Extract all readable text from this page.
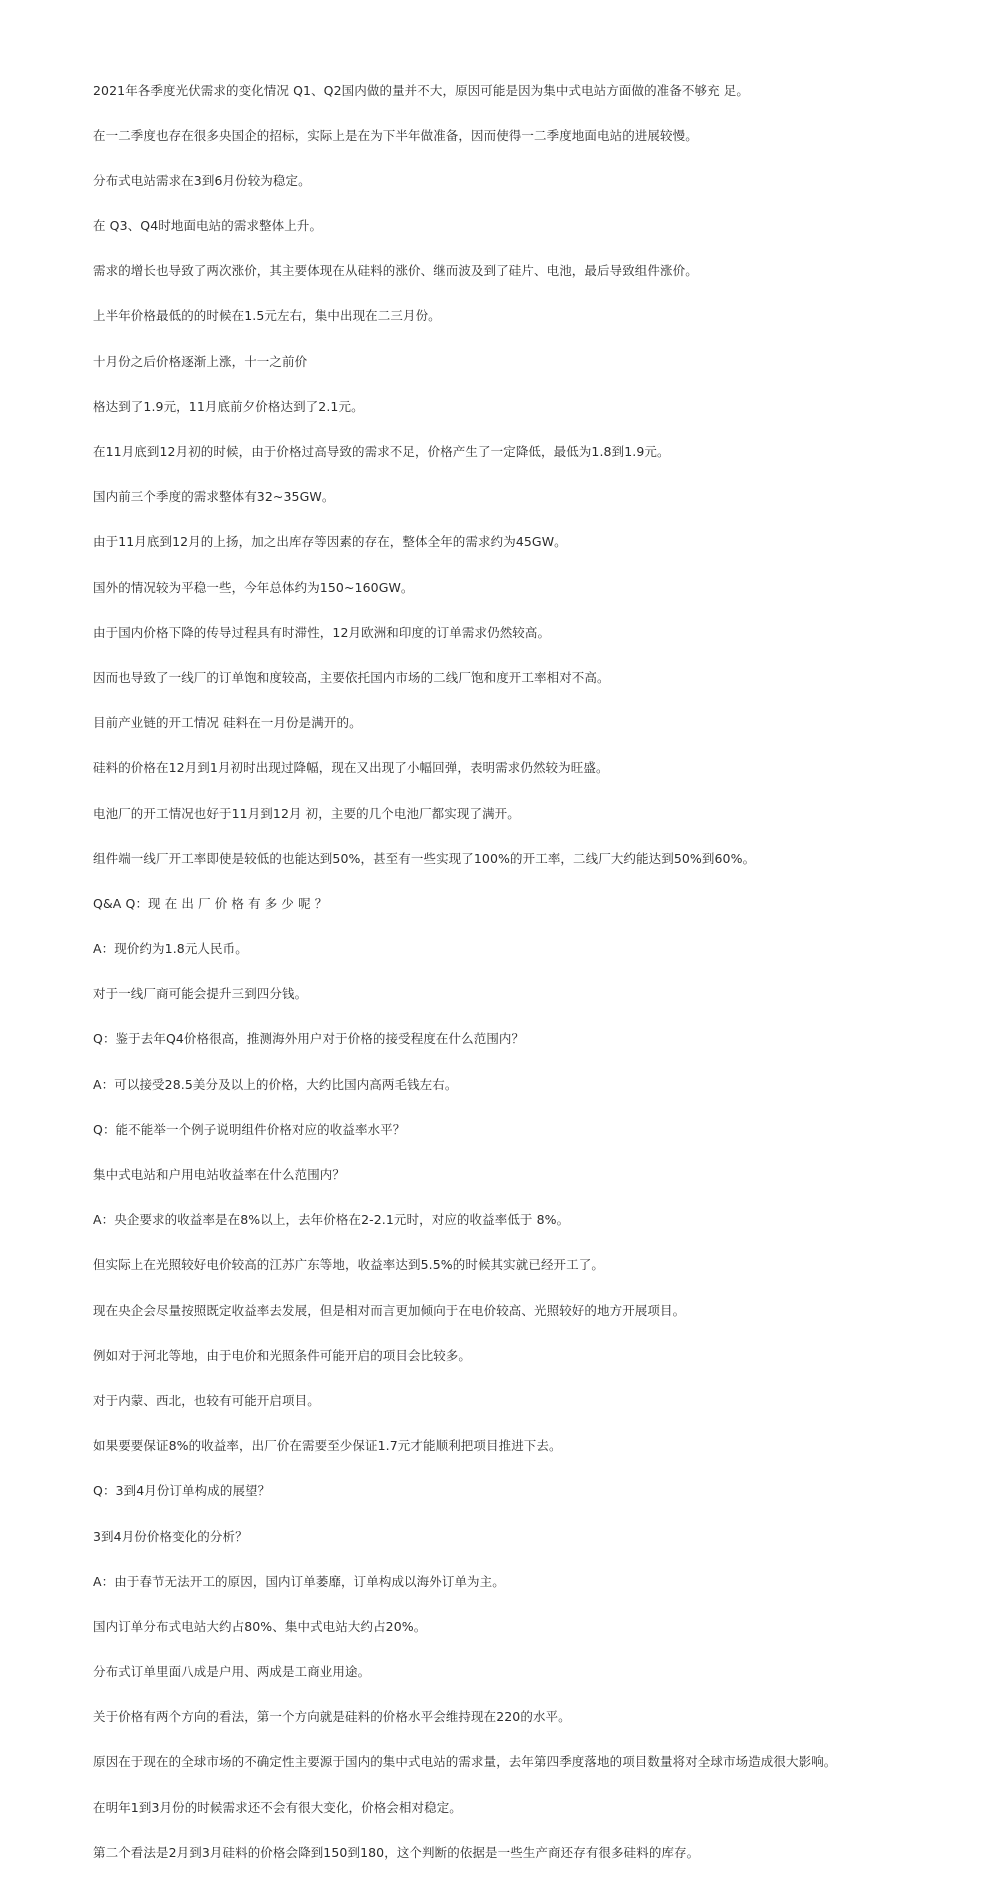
2021年各季度光伏需求的变化情况 Q1、Q2国内做的量并不大，原因可能是因为集中式电站方面做的准备不够充 足。

在一二季度也存在很多央国企的招标，实际上是在为下半年做准备，因而使得一二季度地面电站的进展较慢。

分布式电站需求在3到6月份较为稳定。

在 Q3、Q4时地面电站的需求整体上升。

需求的增长也导致了两次涨价，其主要体现在从硅料的涨价、继而波及到了硅片、电池，最后导致组件涨价。

上半年价格最低的的时候在1.5元左右，集中出现在二三月份。

十月份之后价格逐渐上涨，十一之前价

格达到了1.9元，11月底前夕价格达到了2.1元。

在11月底到12月初的时候，由于价格过高导致的需求不足，价格产生了一定降低，最低为1.8到1.9元。

国内前三个季度的需求整体有32~35GW。

由于11月底到12月的上扬，加之出库存等因素的存在，整体全年的需求约为45GW。

国外的情况较为平稳一些，今年总体约为150~160GW。

由于国内价格下降的传导过程具有时滞性，12月欧洲和印度的订单需求仍然较高。

因而也导致了一线厂的订单饱和度较高，主要依托国内市场的二线厂饱和度开工率相对不高。

目前产业链的开工情况 硅料在一月份是满开的。

硅料的价格在12月到1月初时出现过降幅，现在又出现了小幅回弹，表明需求仍然较为旺盛。

电池厂的开工情况也好于11月到12月 初，主要的几个电池厂都实现了满开。

组件端一线厂开工率即使是较低的也能达到50%，甚至有一些实现了100%的开工率，二线厂大约能达到50%到60%。

Q&A Q：现 在 出 厂 价 格 有 多 少 呢 ？

A：现价约为1.8元人民币。

对于一线厂商可能会提升三到四分钱。

Q：鉴于去年Q4价格很高，推测海外用户对于价格的接受程度在什么范围内？

A：可以接受28.5美分及以上的价格，大约比国内高两毛钱左右。

Q：能不能举一个例子说明组件价格对应的收益率水平？

集中式电站和户用电站收益率在什么范围内？

A：央企要求的收益率是在8%以上，去年价格在2-2.1元时，对应的收益率低于 8%。

但实际上在光照较好电价较高的江苏广东等地，收益率达到5.5%的时候其实就已经开工了。

现在央企会尽量按照既定收益率去发展，但是相对而言更加倾向于在电价较高、光照较好的地方开展项目。

例如对于河北等地，由于电价和光照条件可能开启的项目会比较多。

对于内蒙、西北，也较有可能开启项目。

如果要要保证8%的收益率，出厂价在需要至少保证1.7元才能顺利把项目推进下去。

Q：3到4月份订单构成的展望？

3到4月份价格变化的分析？

A：由于春节无法开工的原因，国内订单萎靡，订单构成以海外订单为主。

国内订单分布式电站大约占80%、集中式电站大约占20%。

分布式订单里面八成是户用、两成是工商业用途。

关于价格有两个方向的看法，第一个方向就是硅料的价格水平会维持现在220的水平。

原因在于现在的全球市场的不确定性主要源于国内的集中式电站的需求量，去年第四季度落地的项目数量将对全球市场造成很大影响。

在明年1到3月份的时候需求还不会有很大变化，价格会相对稳定。

第二个看法是2月到3月硅料的价格会降到150到180，这个判断的依据是一些生产商还存有很多硅料的库存。
